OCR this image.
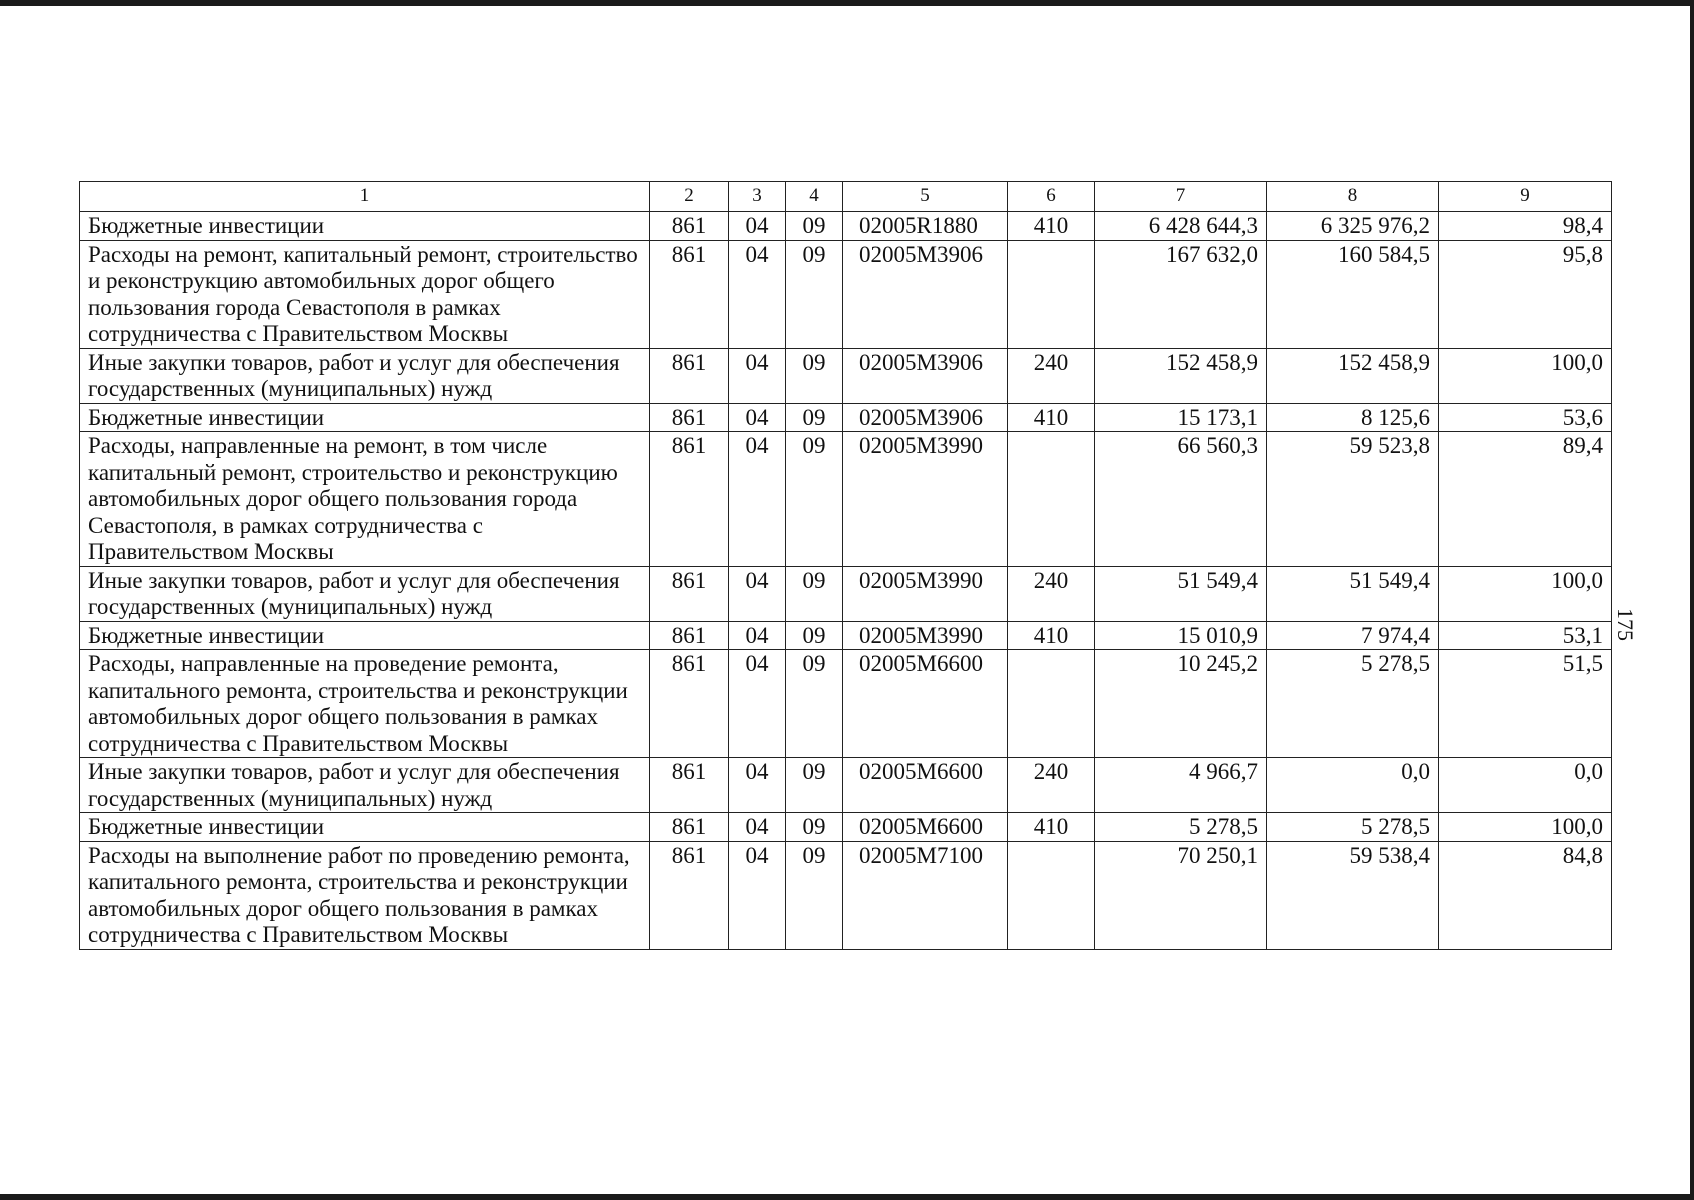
1	2	3	4	5	6	7	8	9
Бюджетные инвестиции	861	04	09	02005R1880	410	6 428 644,3	6 325 976,2	98,4
Расходы на ремонт, капитальный ремонт, строительство и реконструкцию автомобильных дорог общего пользования города Севастополя в рамках сотрудничества с Правительством Москвы	861	04	09	02005M3906		167 632,0	160 584,5	95,8
Иные закупки товаров, работ и услуг для обеспечения государственных (муниципальных) нужд	861	04	09	02005M3906	240	152 458,9	152 458,9	100,0
Бюджетные инвестиции	861	04	09	02005M3906	410	15 173,1	8 125,6	53,6
Расходы, направленные на ремонт, в том числе капитальный ремонт, строительство и реконструкцию автомобильных дорог общего пользования города Севастополя, в рамках сотрудничества с Правительством Москвы	861	04	09	02005M3990		66 560,3	59 523,8	89,4
Иные закупки товаров, работ и услуг для обеспечения государственных (муниципальных) нужд	861	04	09	02005M3990	240	51 549,4	51 549,4	100,0
Бюджетные инвестиции	861	04	09	02005M3990	410	15 010,9	7 974,4	53,1
Расходы, направленные на проведение ремонта, капитального ремонта, строительства и реконструкции автомобильных дорог общего пользования в рамках сотрудничества с Правительством Москвы	861	04	09	02005M6600		10 245,2	5 278,5	51,5
Иные закупки товаров, работ и услуг для обеспечения государственных (муниципальных) нужд	861	04	09	02005M6600	240	4 966,7	0,0	0,0
Бюджетные инвестиции	861	04	09	02005M6600	410	5 278,5	5 278,5	100,0
Расходы на выполнение работ по проведению ремонта, капитального ремонта, строительства и реконструкции автомобильных дорог общего пользования в рамках сотрудничества с Правительством Москвы	861	04	09	02005M7100		70 250,1	59 538,4	84,8
175
